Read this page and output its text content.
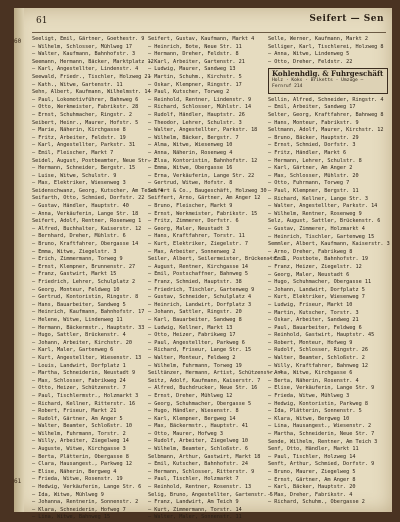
60
61
61	Seifert — Sen
Seeligt, Emil, Gärtner, Goethestr. 9
— Wilhelm, Schlosser, Mühlweg 17
— Walter, Kaufmann, Bahnhofstr. 3
Seemann, Hermann, Bäcker, Marktplatz 12
— Karl, Angestellter, Lindenstr. 4
Seewald, Friedr., Tischler, Holzweg 21
— Kath., Witwe, Gartenstr. 11
Sehn, Albert, Kaufmann, Wilhelmstr. 14
— Paul, Lokomotivführer, Bahnweg 6
— Otto, Werkmeister, Fabrikstr. 28
— Ernst, Schuhmacher, Ringstr. 2
Seibert, Heinr., Maurer, Hofstr. 5
— Marie, Näherin, Kirchgasse 8
— Fritz, Arbeiter, Feldstr. 19
— Karl, Angestellter, Parkstr. 31
— Emil, Fleischer, Markt 7
Seidel, August, Postbeamter, Neue Str. 2
— Hermann, Schneider, Bergstr. 15
— Luise, Witwe, Schulstr. 9
— Max, Elektriker, Wiesenweg 3
Seidenschwanz, Georg, Kutscher, Am Teich 4
Seifarth, Otto, Schmied, Dorfstr. 22
— Gustav, Händler, Hauptstr. 40
— Anna, Verkäuferin, Lange Str. 18
Seifert, Adolf, Rentner, Rosenweg 1
— Alfred, Buchhalter, Kaiserstr. 12
— Bernhard, Dreher, Mühlstr. 6
— Bruno, Kraftfahrer, Obergasse 14
— Emma, Witwe, Ziegelstr. 3
— Erich, Zimmermann, Torweg 9
— Ernst, Klempner, Brunnenstr. 27
— Franz, Gastwirt, Markt 15
— Friedrich, Lehrer, Schulplatz 2
— Georg, Monteur, Feldweg 10
— Gertrud, Kontoristin, Ringstr. 8
— Hans, Bauarbeiter, Sandweg 5
— Heinrich, Kaufmann, Bahnhofstr. 17
— Helene, Witwe, Lindenweg 11
— Hermann, Bäckermstr., Hauptstr. 33
— Hugo, Sattler, Brückenstr. 4
— Johann, Arbeiter, Kirchstr. 20
— Karl, Maler, Gartenweg 6
— Kurt, Angestellter, Wiesenstr. 13
— Louis, Landwirt, Dorfplatz 1
— Martha, Schneiderin, Neustadt 9
— Max, Schlosser, Fabrikweg 24
— Otto, Heizer, Schützenstr. 7
— Paul, Tischlermstr., Holzmarkt 3
— Richard, Kellner, Ritterstr. 16
— Robert, Friseur, Markt 21
— Rudolf, Gärtner, Am Anger 5
— Walter, Beamter, Schloßstr. 10
— Wilhelm, Fuhrmann, Torstr. 2
— Willy, Arbeiter, Ziegelweg 14
— Auguste, Witwe, Kirchgasse 3
— Berta, Plätterin, Obergasse 8
— Clara, Hausangest., Parkweg 12
— Elise, Näherin, Bergweg 4
— Frieda, Witwe, Rosenstr. 19
— Hedwig, Verkäuferin, Lange Str. 6
— Ida, Witwe, Mühlweg 9
— Johanna, Rentnerin, Sonnenstr. 2
— Klara, Schneiderin, Hofweg 7
— Lina, Witwe, Bahnweg 15
Seifert, Gustav, Kaufmann, Markt 4
— Heinrich, Bote, Neue Str. 11
— Hermann, Dreher, Feldstr. 8
— Karl, Arbeiter, Gartenstr. 21
— Ludwig, Maurer, Sandweg 13
— Martin, Schuhm., Kirchstr. 5
— Oskar, Klempner, Ringstr. 17
— Paul, Kutscher, Torweg 2
— Reinhold, Rentner, Lindenstr. 9
— Richard, Schlosser, Mühlstr. 14
— Rudolf, Händler, Hauptstr. 26
— Theodor, Lehrer, Schulstr. 3
— Walter, Angestellter, Parkstr. 18
— Wilhelm, Bäcker, Bergstr. 7
— Alma, Witwe, Wiesenweg 10
— Anna, Näherin, Rosenweg 4
— Elsa, Kontoristin, Bahnhofstr. 12
— Emma, Witwe, Obergasse 16
— Erna, Verkäuferin, Lange Str. 22
— Gertrud, Witwe, Hofstr. 8
Seifert & Co., Baugeschäft, Holzweg 30
Seiffert, Arno, Gärtner, Am Anger 12
— Bruno, Fleischer, Markt 9
— Ernst, Werkmeister, Fabrikstr. 15
— Fritz, Zimmerer, Dorfstr. 6
— Georg, Maler, Neustadt 3
— Hans, Kraftfahrer, Torstr. 11
— Kurt, Elektriker, Ziegelstr. 7
— Max, Arbeiter, Sonnenweg 2
Seiler, Albert, Seilermeister, Brückenstr. 1
— August, Rentner, Kirchgasse 14
— Emil, Postschaffner, Bahnweg 5
— Franz, Schmied, Hauptstr. 38
— Friedrich, Tischler, Gartenweg 9
— Gustav, Schneider, Schulplatz 4
— Heinrich, Landwirt, Dorfplatz 3
— Johann, Sattler, Ringstr. 20
— Karl, Bauarbeiter, Sandweg 8
— Ludwig, Kellner, Markt 13
— Otto, Heizer, Fabrikweg 17
— Paul, Angestellter, Parkweg 6
— Richard, Friseur, Lange Str. 15
— Walter, Monteur, Feldweg 2
— Wilhelm, Fuhrmann, Torweg 19
Seiltänzer, Hermann, Artist, Schützenstr. 4
Seitz, Adolf, Kaufmann, Kaiserstr. 7
— Alfred, Buchdrucker, Neue Str. 16
— Ernst, Dreher, Mühlweg 12
— Georg, Schuhmacher, Obergasse 5
— Hugo, Händler, Wiesenstr. 8
— Karl, Klempner, Bergweg 14
— Max, Bäckermstr., Hauptstr. 41
— Otto, Maurer, Hofweg 3
— Rudolf, Arbeiter, Ziegelweg 10
— Wilhelm, Beamter, Schloßstr. 6
Selbmann, Arthur, Gastwirt, Markt 18
— Emil, Kutscher, Bahnhofstr. 24
— Hermann, Schlosser, Ritterstr. 9
— Paul, Tischler, Holzmarkt 7
— Reinhold, Rentner, Rosenstr. 13
Selig, Bruno, Angestellter, Gartenstr. 5
— Franz, Landwirt, Am Teich 9
— Kurt, Zimmermann, Torstr. 14
— Walter, Maler, Sonnenstr. 11
Selle, Werner, Kaufmann, Markt 2
Selliger, Karl, Tischlerei, Holzweg 8
— Anna, Witwe, Lindenweg 5
— Otto, Dreher, Feldstr. 22
Kohlenhdlg. & Fuhrgeschäft
Holz · Koks · Briketts · Umzüge — Fernruf 214
Sellin, Alfred, Schneider, Ringstr. 4
— Emil, Arbeiter, Sandweg 17
Selter, Georg, Kraftfahrer, Bahnweg 8
— Hans, Monteur, Fabrikstr. 9
Seltmann, Adolf, Maurer, Kirchstr. 12
— Bruno, Bäcker, Hauptstr. 29
— Ernst, Schmied, Dorfstr. 3
— Fritz, Händler, Markt 6
— Hermann, Lehrer, Schulstr. 8
— Karl, Gärtner, Am Anger 2
— Max, Schlosser, Mühlstr. 20
— Otto, Fuhrmann, Torweg 7
— Paul, Klempner, Bergstr. 11
— Richard, Kellner, Lange Str. 3
— Walter, Angestellter, Parkstr. 14
— Wilhelm, Rentner, Rosenweg 9
Selz, August, Sattler, Brückenstr. 6
— Gustav, Zimmerer, Holzmarkt 4
— Heinrich, Tischler, Gartenweg 15
Semmler, Albert, Kaufmann, Kaiserstr. 3
— Arno, Dreher, Fabrikweg 8
— Emil, Postbote, Bahnhofstr. 19
— Franz, Heizer, Ziegelstr. 12
— Georg, Maler, Neustadt 6
— Hugo, Schuhmacher, Obergasse 11
— Johann, Landwirt, Dorfplatz 5
— Kurt, Elektriker, Wiesenweg 7
— Ludwig, Friseur, Markt 10
— Martin, Kutscher, Torstr. 3
— Oskar, Arbeiter, Sandweg 21
— Paul, Bauarbeiter, Feldweg 6
— Reinhold, Gastwirt, Hauptstr. 45
— Robert, Monteur, Hofweg 9
— Rudolf, Schlosser, Ringstr. 26
— Walter, Beamter, Schloßstr. 2
— Willy, Kraftfahrer, Bahnweg 12
— Anna, Witwe, Kirchgasse 6
— Berta, Näherin, Rosenstr. 4
— Elise, Verkäuferin, Lange Str. 9
— Frieda, Witwe, Mühlweg 3
— Hedwig, Kontoristin, Parkweg 8
— Ida, Plätterin, Sonnenstr. 5
— Klara, Witwe, Bergweg 10
— Lina, Hausangest., Wiesenstr. 2
— Martha, Schneiderin, Neue Str. 7
Sende, Wilhelm, Rentner, Am Teich 3
Senf, Otto, Händler, Markt 11
— Paul, Tischler, Holzweg 14
Senft, Arthur, Schmied, Dorfstr. 9
— Bruno, Maurer, Ziegelweg 5
— Ernst, Gärtner, Am Anger 8
— Karl, Bäcker, Hauptstr. 20
— Max, Dreher, Fabrikstr. 4
— Richard, Schuhm., Obergasse 2
